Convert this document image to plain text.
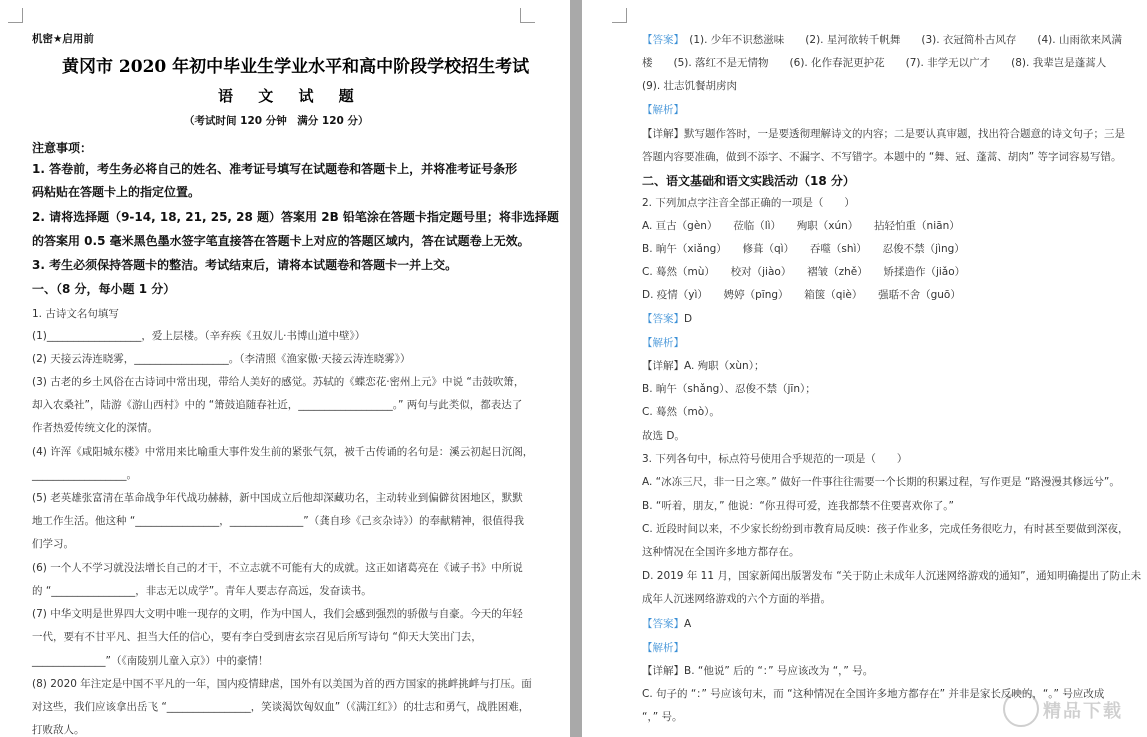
机密★启用前
黄冈市 2020 年初中毕业生学业水平和高中阶段学校招生考试
语 文 试 题
（考试时间 120 分钟　满分 120 分）
注意事项：
1. 答卷前，考生务必将自己的姓名、准考证号填写在试题卷和答题卡上，并将准考证号条形
码粘贴在答题卡上的指定位置。
2. 请将选择题（9-14, 18, 21, 25, 28 题）答案用 2B 铅笔涂在答题卡指定题号里；将非选择题
的答案用 0.5 毫米黑色墨水签字笔直接答在答题卡上对应的答题区域内，答在试题卷上无效。
3. 考生必须保持答题卡的整洁。考试结束后，请将本试题卷和答题卡一并上交。
一、（8 分，每小题 1 分）
1. 古诗文名句填写
(1)__________________，爱上层楼。（辛弃疾《丑奴儿·书博山道中壁》）
(2) 天接云涛连晓雾，__________________。（李清照《渔家傲·天接云涛连晓雾》）
(3) 古老的乡土风俗在古诗词中常出现，带给人美好的感觉。苏轼的《蝶恋花·密州上元》中说 “击鼓吹箫，
却入农桑社”，陆游《游山西村》中的 “箫鼓追随春社近，__________________。” 两句与此类似，都表达了
作者热爱传统文化的深情。
(4) 许浑《咸阳城东楼》中常用来比喻重大事件发生前的紧张气氛，被千古传诵的名句是：溪云初起日沉阁，
__________________。
(5) 老英雄张富清在革命战争年代战功赫赫，新中国成立后他却深藏功名，主动转业到偏僻贫困地区，默默
地工作生活。他这种 “________________，______________”（龚自珍《己亥杂诗》）的奉献精神，很值得我
们学习。
(6) 一个人不学习就没法增长自己的才干，不立志就不可能有大的成就。这正如诸葛亮在《诫子书》中所说
的 “________________，非志无以成学”。青年人要志存高远，发奋读书。
(7) 中华文明是世界四大文明中唯一现存的文明，作为中国人，我们会感到强烈的骄傲与自豪。今天的年轻
一代，要有不甘平凡、担当大任的信心，要有李白受到唐玄宗召见后所写诗句 “仰天大笑出门去，
______________”（《南陵别儿童入京》）中的豪情！
(8) 2020 年注定是中国不平凡的一年，国内疫情肆虐，国外有以美国为首的西方国家的挑衅挑衅与打压。面
对这些，我们应该拿出岳飞 “________________，笑谈渴饮匈奴血”（《满江红》）的壮志和勇气，战胜困难，
打败敌人。
【答案】　(1). 少年不识愁滋味　　(2). 星河欲转千帆舞　　(3). 衣冠简朴古风存　　(4). 山雨欲来风满
楼　　(5). 落红不是无情物　　(6). 化作春泥更护花　　(7). 非学无以广才　　(8). 我辈岂是蓬蒿人
(9). 壮志饥餐胡虏肉
【解析】
【详解】默写题作答时，一是要透彻理解诗文的内容；二是要认真审题，找出符合题意的诗文句子；三是
答题内容要准确，做到不添字、不漏字、不写错字。本题中的 “舞、冠、蓬蒿、胡肉” 等字词容易写错。
二、语文基础和语文实践活动（18 分）
2. 下列加点字注音全部正确的一项是（　　）
A. 亘古（gèn）　　莅临（lì）　　殉职（xún）　　拈轻怕重（niān）
B. 晌午（xiǎng）　　修葺（qì）　　吞噬（shì）　　忍俊不禁（jìng）
C. 蓦然（mù）　　校对（jiào）　　褶皱（zhě）　　矫揉造作（jiǎo）
D. 疫情（yì）　　娉婷（pīng）　　箱箧（qiè）　　强聒不舍（guō）
【答案】D
【解析】
【详解】A. 殉职（xùn）；
B. 晌午（shǎng）、忍俊不禁（jīn）；
C. 蓦然（mò）。
故选 D。
3. 下列各句中，标点符号使用合乎规范的一项是（　　）
A. “冰冻三尺，非一日之寒。” 做好一件事往往需要一个长期的积累过程，写作更是 “路漫漫其修远兮”。
B. “听着，朋友，” 他说：“你丑得可爱，连我都禁不住要喜欢你了。”
C. 近段时间以来，不少家长纷纷到市教育局反映：孩子作业多，完成任务很吃力，有时甚至要做到深夜，
这种情况在全国许多地方都存在。
D. 2019 年 11 月，国家新闻出版署发布 “关于防止未成年人沉迷网络游戏的通知”，通知明确提出了防止未
成年人沉迷网络游戏的六个方面的举措。
【答案】A
【解析】
【详解】B. “他说” 后的 “：” 号应该改为 “，” 号。
C. 句子的 “：” 号应该句末，而 “这种情况在全国许多地方都存在” 并非是家长反映的，“。” 号应改成
“，” 号。	精品下载
